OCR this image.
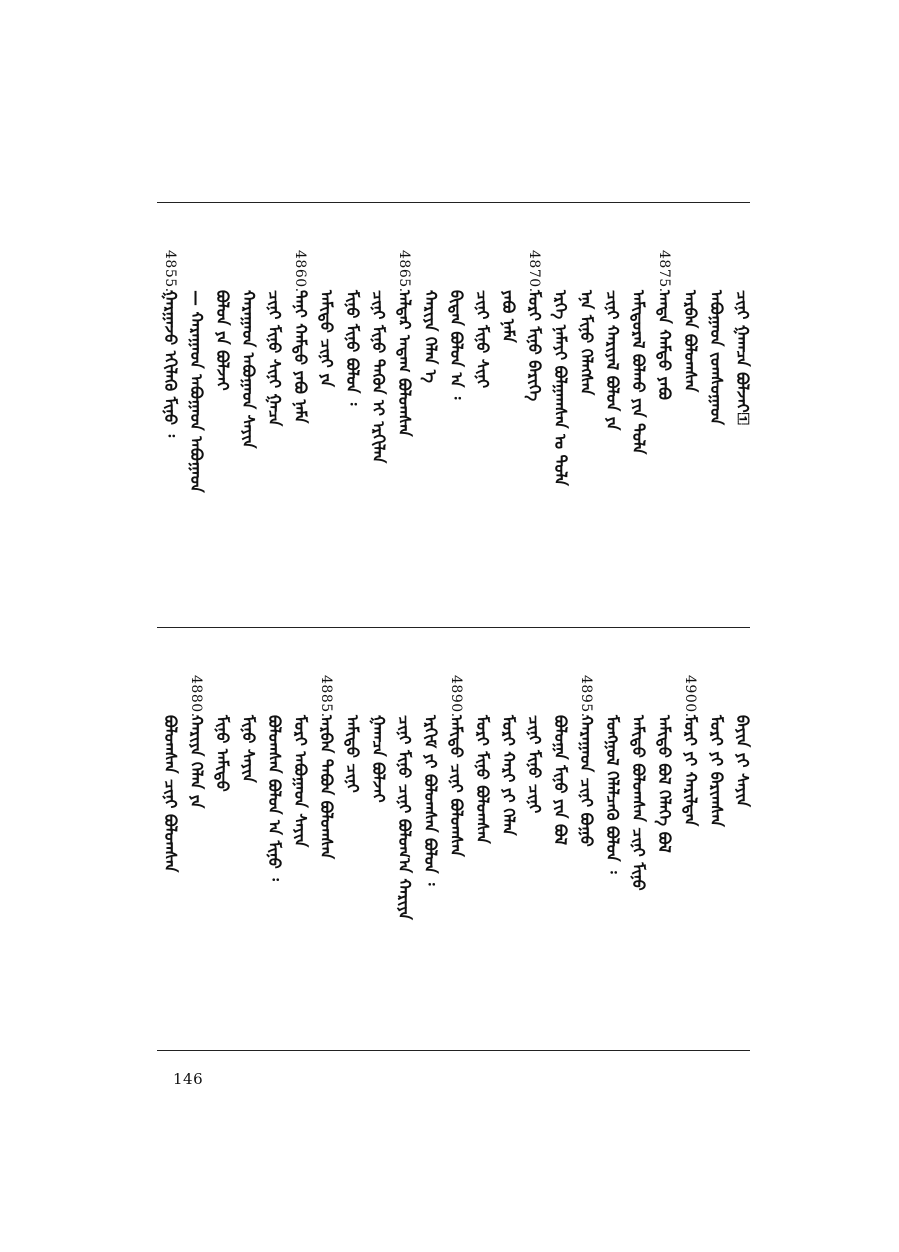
4855.
ᠭᠠᠷᠭᠠᠵᠤ ᠡᠬᠢᠯᠡᠬᠦ ᠮᠢᠨᠦ ᠄ — ᠬᠠᠷᠠᠭᠠᠳ ᠠᠪᠤᠭᠠᠳ ᠠᠪᠤᠭᠠᠳ ᠪᠣᠯᠤᠨ ᠶᠠ ᠪᠣᠯᠵᠠᠶ ᠬᠠᠷᠠᠭᠠᠳ ᠠᠪᠤᠭᠠᠳ ᠰᠠᠶᠢᠨ ᠴᠢᠨᠢ ᠮᠢᠨᠦ ᠰᠢᠨᠢ ᠭᠠᠴᠠ
4860.
ᠲᠠᠨᠢ ᠬᠠᠮᠲᠤ ᠶᠠᠪᠤ ᠨᠠᠮᠠ ᠠᠮᠢᠳᠤ ᠴᠢᠨᠢ ᠶᠠ ᠮᠢᠨᠦ ᠮᠢᠨᠦ ᠪᠣᠯᠤᠨ ᠄ ᠴᠢᠨᠢ ᠮᠢᠨᠦ ᠲᠡᠭᠦᠨ ᠢ ᠡᠷᠬᠢᠯᠡᠨ
4865.
ᠠᠯᠳᠠᠷ ᠠᠳᠠᠭ ᠪᠣᠯᠤᠭᠰᠠᠨ ᠬᠠᠷᠢᠶᠠ ᠬᠡᠯᠡᠨ ᠡ ᠪᠢᠳᠡᠨ ᠪᠣᠯᠤᠨ ᠠ ᠄ ᠴᠢᠨᠢ ᠮᠢᠨᠦ ᠰᠢᠨᠢ ᠶᠠᠪᠤ ᠨᠠᠮᠠ
4870.
ᠮᠣᠷᠢ ᠮᠢᠨᠦ ᠪᠡᠷᠢᠭᠡ ᠡᠷᠬᠡ ᠨᠠᠮᠠᠶᠢ ᠪᠣᠯᠭᠠᠭᠰᠠᠨ ᠤ ᠲᠤᠯᠠ ᠡᠨᠡ ᠮᠢᠨᠦ ᠬᠡᠯᠡᠭᠰᠡᠨ ᠴᠢᠨᠢ ᠬᠠᠷᠢᠶᠠᠯ ᠪᠣᠯᠤᠨ ᠶᠠ ᠠᠮᠢᠳᠤᠷᠠᠯ ᠪᠣᠯᠬᠤ ᠶᠢᠨ ᠲᠤᠯᠠ
4875.
ᠠᠨᠳᠠ ᠬᠠᠮᠲᠤ ᠶᠠᠪᠤ ᠠᠷᠪᠠᠨ ᠪᠣᠯᠣᠭᠰᠠᠨ ᠠᠪᠤᠭᠠᠳ ᠵᠣᠭᠰᠤᠭᠠᠳ ᠴᠢᠨᠢ ᠭᠠᠭᠴᠠ ᠪᠣᠯᠵᠠᠶ᠋
ᠪᠣᠯᠤᠭᠰᠠᠨ ᠴᠢᠨᠢ ᠪᠣᠯᠤᠭᠰᠠᠨ
4880.
ᠬᠠᠷᠢᠶᠠ ᠬᠡᠯᠡᠨ ᠶᠠ ᠮᠢᠨᠦ ᠠᠮᠢᠳᠤ ᠮᠢᠨᠦ ᠰᠠᠶᠢᠨ ᠪᠣᠯᠤᠭᠰᠠᠨ ᠪᠣᠯᠤᠨ ᠠ ᠮᠢᠨᠦ ᠄ ᠮᠣᠷᠢ ᠠᠪᠤᠭᠠᠳ ᠰᠠᠶᠢᠨ
4885.
ᠠᠷᠪᠠᠨ ᠲᠠᠪᠤᠨ ᠪᠣᠯᠤᠭᠰᠠᠨ ᠠᠮᠢᠳᠤ ᠴᠢᠨᠢ ᠭᠠᠭᠴᠠ ᠪᠣᠯᠵᠠᠶ ᠴᠢᠨᠢ ᠮᠢᠨᠦ ᠴᠢᠨᠢ ᠪᠣᠯᠤᠭ᠎ᠠ ᠬᠠᠷᠢᠶᠠ ᠡᠷᠬᠢᠮ ᠶᠢ ᠪᠣᠯᠤᠭᠰᠠᠨ ᠪᠣᠯᠤᠨ ᠄
4890.
ᠠᠮᠢᠳᠤ ᠴᠢᠨᠢ ᠪᠣᠯᠤᠭᠰᠠᠨ ᠮᠣᠷᠢ ᠮᠢᠨᠦ ᠪᠣᠯᠤᠭᠰᠠᠨ ᠮᠣᠷᠢ ᠬᠠᠷᠢ ᠶᠢ ᠬᠡᠯᠡᠨ ᠴᠢᠨᠢ ᠮᠢᠨᠦ ᠴᠢᠨᠢ ᠪᠣᠯᠤᠭᠠ ᠮᠢᠨᠦ ᠶᠢᠨ ᠪᠣᠯ
4895.
ᠬᠠᠷᠠᠭᠠᠳ ᠴᠢᠨᠢ ᠪᠤᠭᠤ ᠮᠣᠩᠭᠣᠯ ᠬᠡᠯᠡᠯᠴᠡᠬᠦ ᠪᠣᠯᠤᠨ ᠄ ᠠᠮᠢᠳᠤ ᠪᠣᠯᠤᠭᠰᠠᠨ ᠴᠢᠨᠢ ᠮᠢᠨᠦ ᠠᠮᠢᠳᠤ ᠪᠣᠯ ᠬᠡᠯᠡᠭᠡ ᠪᠣᠯ
4900.
ᠮᠣᠷᠢ ᠶᠢ ᠬᠠᠷᠢᠯᠳᠠᠨ ᠮᠣᠷᠢ ᠶᠢ ᠪᠠᠷᠢᠭᠰᠠᠨ ᠪᠠᠶᠢᠨ ᠶᠢ ᠰᠠᠶᠢᠨ
146
